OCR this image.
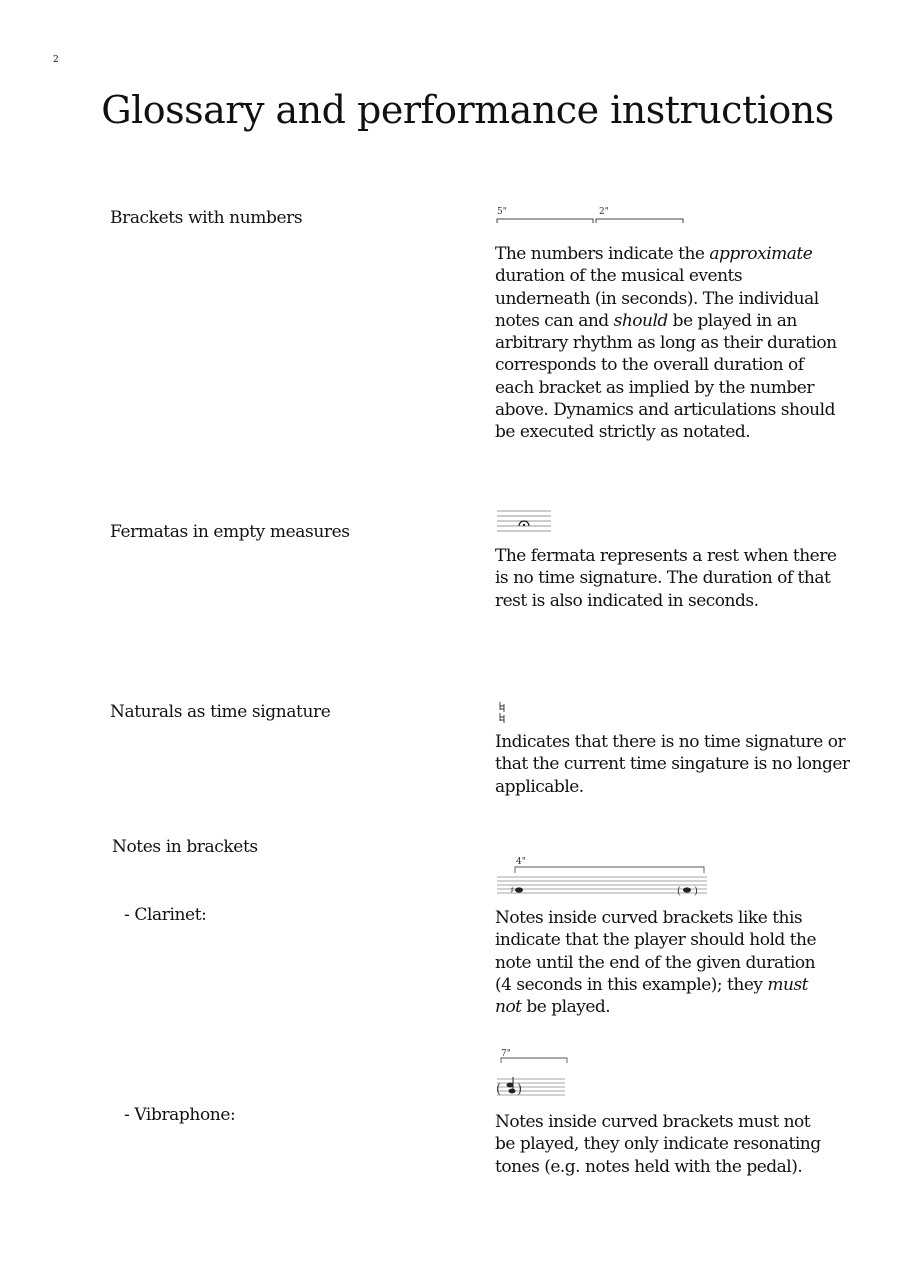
2
Glossary and performance instructions
Brackets with numbers	5"	2"

The numbers indicate the approximate duration of the musical events underneath (in seconds). The individual notes can and should be played in an arbitrary rhythm as long as their duration corresponds to the overall duration of each bracket as implied by the number above. Dynamics and articulations should be executed strictly as notated.

Fermatas in empty measures

The fermata represents a rest when there is no time signature. The duration of that rest is also indicated in seconds.

Naturals as time signature

Indicates that there is no time signature or that the current time singature is no longer applicable.

Notes in brackets
- Clarinet:
4"
♯	( )

Notes inside curved brackets like this indicate that the player should hold the note until the end of the given duration (4 seconds in this example); they must not be played.

- Vibraphone:
7"
( )

Notes inside curved brackets must not be played, they only indicate resonating tones (e.g. notes held with the pedal).
